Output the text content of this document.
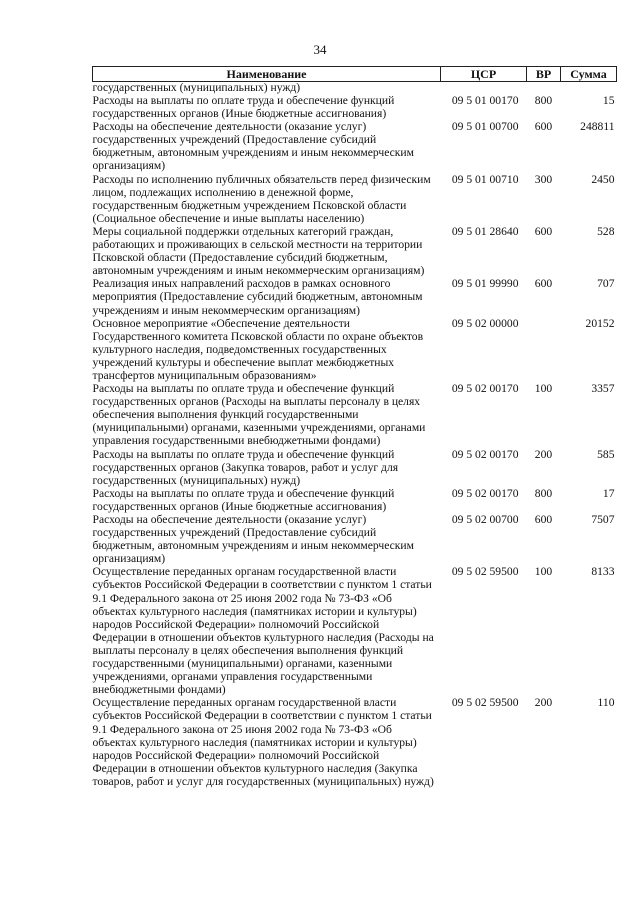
34
Наименование	ЦСР	ВР	Сумма
государственных (муниципальных) нужд)			
Расходы на выплаты по оплате труда и обеспечение функций государственных органов (Иные бюджетные ассигнования)	09 5 01 00170	800	15
Расходы на обеспечение деятельности (оказание услуг) государственных учреждений (Предоставление субсидий бюджетным, автономным учреждениям и иным некоммерческим организациям)	09 5 01 00700	600	248811
Расходы по исполнению публичных обязательств перед физическим лицом, подлежащих исполнению в денежной форме, государственным бюджетным учреждением Псковской области (Социальное обеспечение и иные выплаты населению)	09 5 01 00710	300	2450
Меры социальной поддержки отдельных категорий граждан, работающих и проживающих в сельской местности на территории Псковской области (Предоставление субсидий бюджетным, автономным учреждениям и иным некоммерческим организациям)	09 5 01 28640	600	528
Реализация иных направлений расходов в рамках основного мероприятия (Предоставление субсидий бюджетным, автономным учреждениям и иным некоммерческим организациям)	09 5 01 99990	600	707
Основное мероприятие «Обеспечение деятельности Государственного комитета Псковской области по охране объектов культурного наследия, подведомственных государственных учреждений культуры и обеспечение выплат межбюджетных трансфертов муниципальным образованиям»	09 5 02 00000		20152
Расходы на выплаты по оплате труда и обеспечение функций государственных органов (Расходы на выплаты персоналу в целях обеспечения выполнения функций государственными (муниципальными) органами, казенными учреждениями, органами управления государственными внебюджетными фондами)	09 5 02 00170	100	3357
Расходы на выплаты по оплате труда и обеспечение функций государственных органов (Закупка товаров, работ и услуг для государственных (муниципальных) нужд)	09 5 02 00170	200	585
Расходы на выплаты по оплате труда и обеспечение функций государственных органов (Иные бюджетные ассигнования)	09 5 02 00170	800	17
Расходы на обеспечение деятельности (оказание услуг) государственных учреждений (Предоставление субсидий бюджетным, автономным учреждениям и иным некоммерческим организациям)	09 5 02 00700	600	7507
Осуществление переданных органам государственной власти субъектов Российской Федерации в соответствии с пунктом 1 статьи 9.1 Федерального закона от 25 июня 2002 года № 73-ФЗ «Об объектах культурного наследия (памятниках истории и культуры) народов Российской Федерации» полномочий Российской Федерации в отношении объектов культурного наследия (Расходы на выплаты персоналу в целях обеспечения выполнения функций государственными (муниципальными) органами, казенными учреждениями, органами управления государственными внебюджетными фондами)	09 5 02 59500	100	8133
Осуществление переданных органам государственной власти субъектов Российской Федерации в соответствии с пунктом 1 статьи 9.1 Федерального закона от 25 июня 2002 года № 73-ФЗ «Об объектах культурного наследия (памятниках истории и культуры) народов Российской Федерации» полномочий Российской Федерации в отношении объектов культурного наследия (Закупка товаров, работ и услуг для государственных (муниципальных) нужд)	09 5 02 59500	200	110
